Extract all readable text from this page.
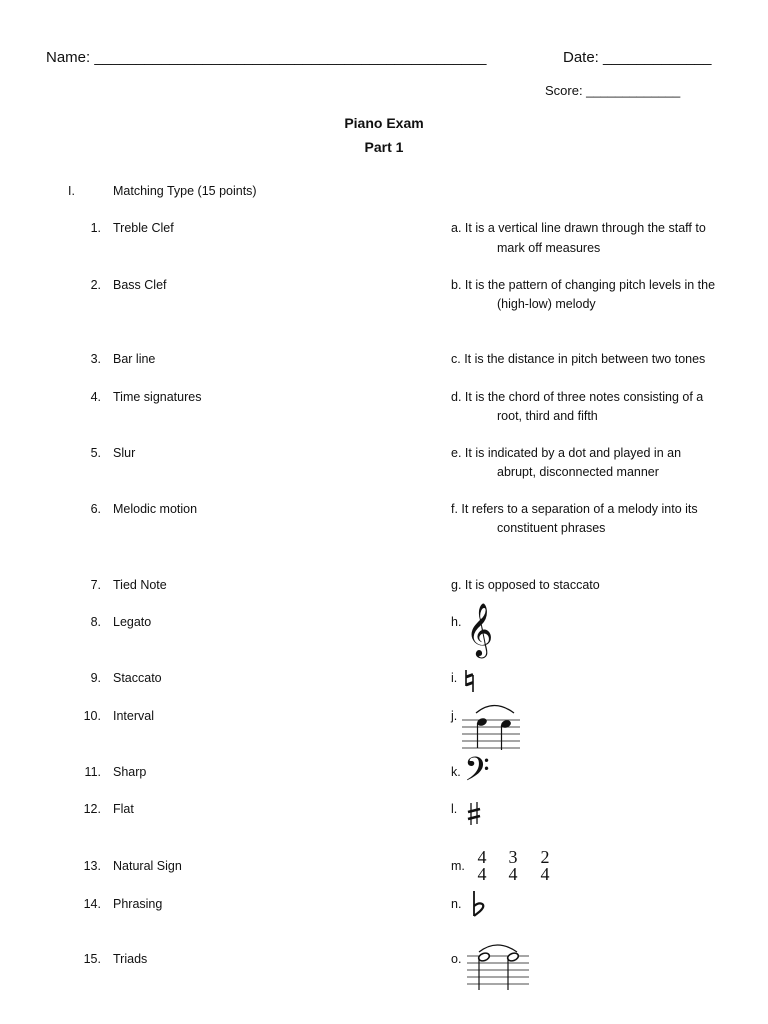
Name: _______________________________________________	Date: _____________
Score: _____________
Piano Exam
Part 1
I.	Matching Type (15 points)
1. Treble Clef
2. Bass Clef
3. Bar line
4. Time signatures
5. Slur
6. Melodic motion
7. Tied Note
8. Legato
9. Staccato
10. Interval
11. Sharp
12. Flat
13. Natural Sign
14. Phrasing
15. Triads
a. It is a vertical line drawn through the staff to
mark off measures
b. It is the pattern of changing pitch levels in the
(high-low) melody
c. It is the distance in pitch between two tones
d. It is the chord of three notes consisting of a
root, third and fifth
e. It is indicated by a dot and played in an
abrupt, disconnected manner
f. It refers to a separation of a melody into its
constituent phrases
g. It is opposed to staccato
h. 𝄞
i.
j.
k. 𝄢
l.
m. 4
4
3
4
2
4
n.
o.
